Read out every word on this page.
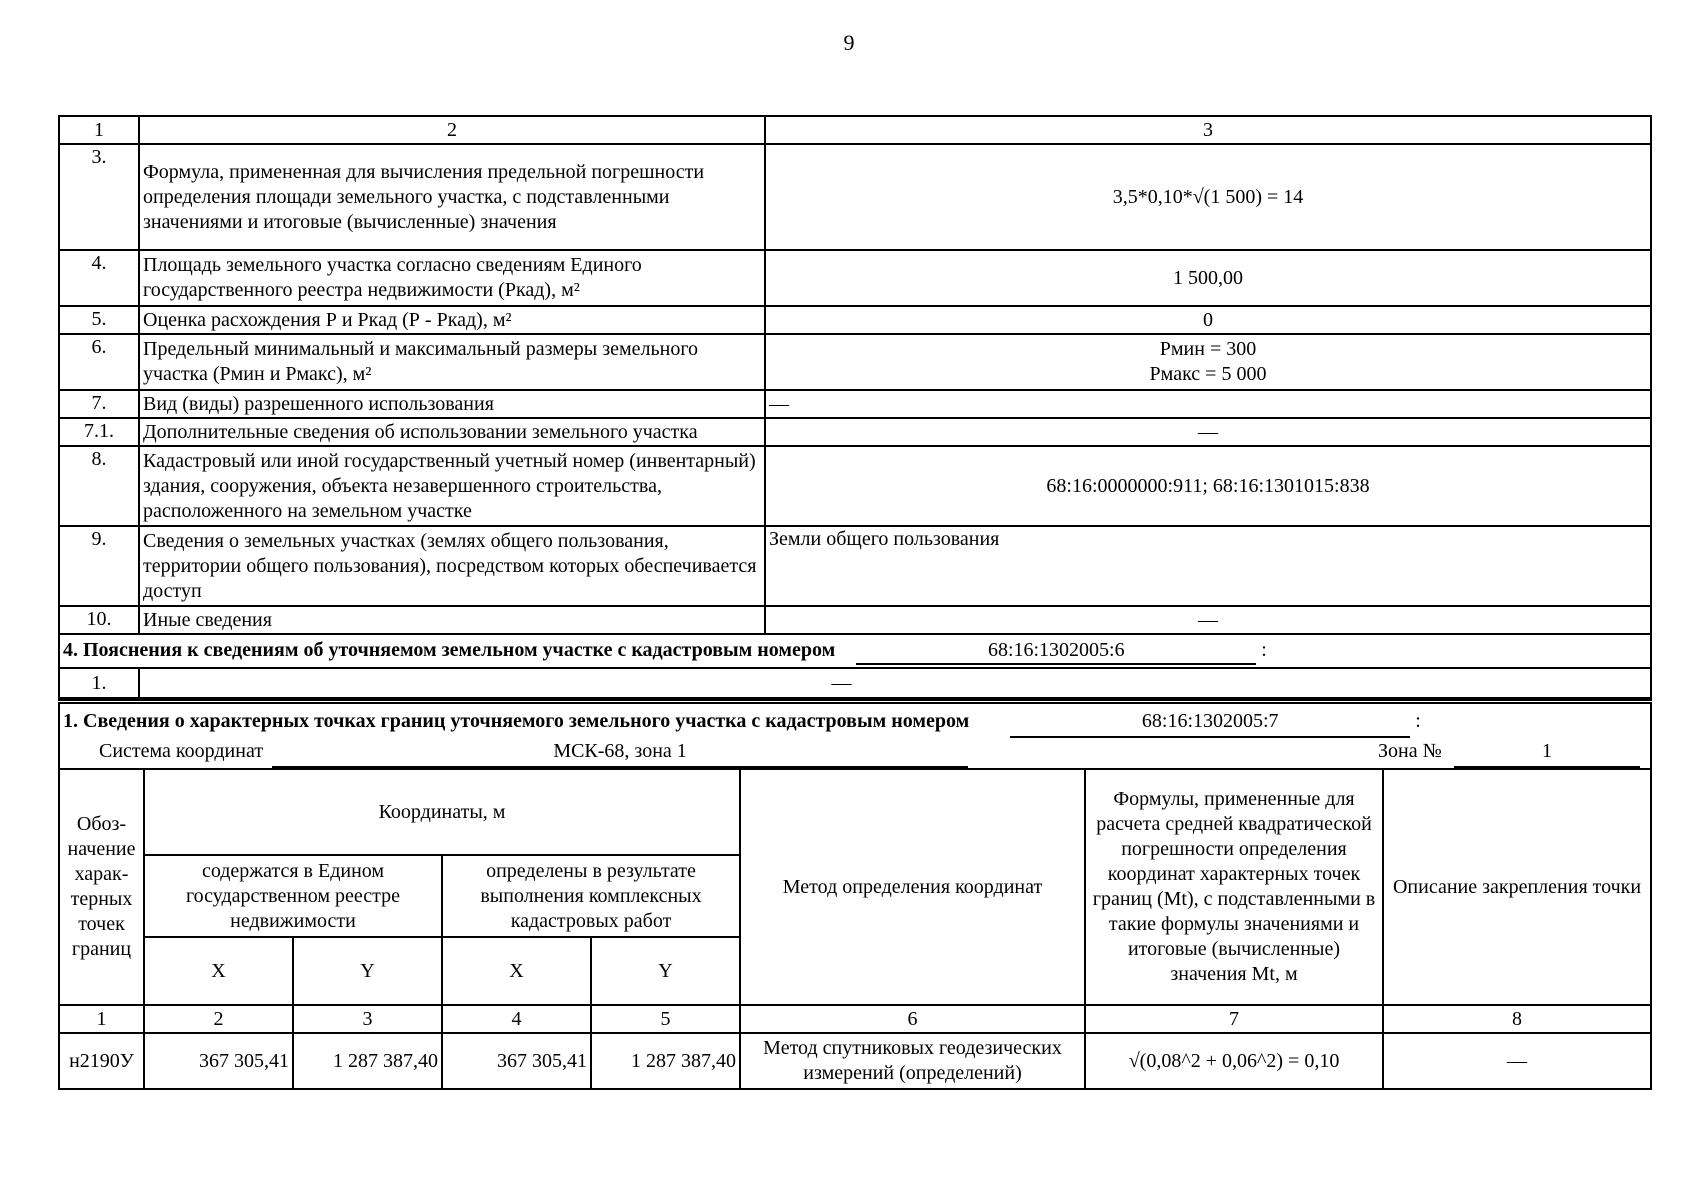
9
1	2	3
3.	Формула, примененная для вычисления предельной погрешности определения площади земельного участка, с подставленными значениями и итоговые (вычисленные) значения	3,5*0,10*√(1 500) = 14
4.	Площадь земельного участка согласно сведениям Единого государственного реестра недвижимости (Ркад), м²	1 500,00
5.	Оценка расхождения Р и Ркад (Р - Ркад), м²	0
6.	Предельный минимальный и максимальный размеры земельного участка (Рмин и Рмакс), м²	Рмин = 300
Рмакс = 5 000

7.	Вид (виды) разрешенного использования	—
7.1.	Дополнительные сведения об использовании земельного участка	—
8.	Кадастровый или иной государственный учетный номер (инвентарный) здания, сооружения, объекта незавершенного строительства, расположенного на земельном участке	68:16:0000000:911; 68:16:1301015:838
9.	Сведения о земельных участках (землях общего пользования, территории общего пользования), посредством которых обеспечивается доступ	Земли общего пользования
10.	Иные сведения	—
4. Пояснения к сведениям об уточняемом земельном участке с кадастровым номером 68:16:1302005:6 :		
1.	—	
1. Сведения о характерных точках границ уточняемого земельного участка с кадастровым номером 68:16:1302005:7 :
Система координат МСК-68, зона 1 Зона № 1							

Обоз- начение харак- терных точек границ	Координаты, м				Метод определения координат	Формулы, примененные для расчета средней квадратической погрешности определения координат характерных точек границ (Mt), с подставленными в такие формулы значениями и итоговые (вычисленные) значения Mt, м	Описание закрепления точки
	содержатся в Едином государственном реестре недвижимости		определены в результате выполнения комплексных кадастровых работ				
	X	Y	X	Y			
1	2	3	4	5	6	7	8
н2190У	367 305,41	1 287 387,40	367 305,41	1 287 387,40	Метод спутниковых геодезических измерений (определений)	√(0,08^2 + 0,06^2) = 0,10	—
